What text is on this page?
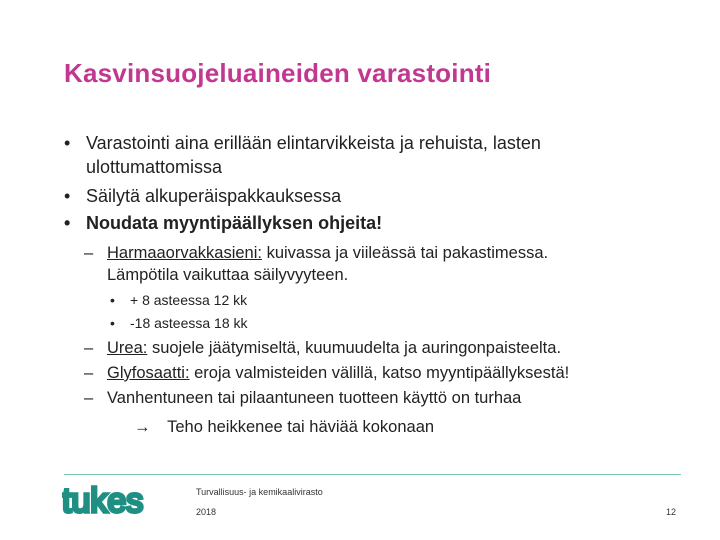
Kasvinsuojeluaineiden varastointi
• Varastointi aina erillään elintarvikkeista ja rehuista, lasten
ulottumattomissa
• Säilytä alkuperäispakkauksessa
• Noudata myyntipäällyksen ohjeita!
– Harmaaorvakkasieni: kuivassa ja viileässä tai pakastimessa.
Lämpötila vaikuttaa säilyvyyteen.
• + 8 asteessa 12 kk
• -18 asteessa 18 kk
– Urea: suojele jäätymiseltä, kuumuudelta ja auringonpaisteelta.
– Glyfosaatti: eroja valmisteiden välillä, katso myyntipäällyksestä!
– Vanhentuneen tai pilaantuneen tuotteen käyttö on turhaa
→ Teho heikkenee tai häviää kokonaan
tukes	Turvallisuus- ja kemikaalivirasto
2018	12
